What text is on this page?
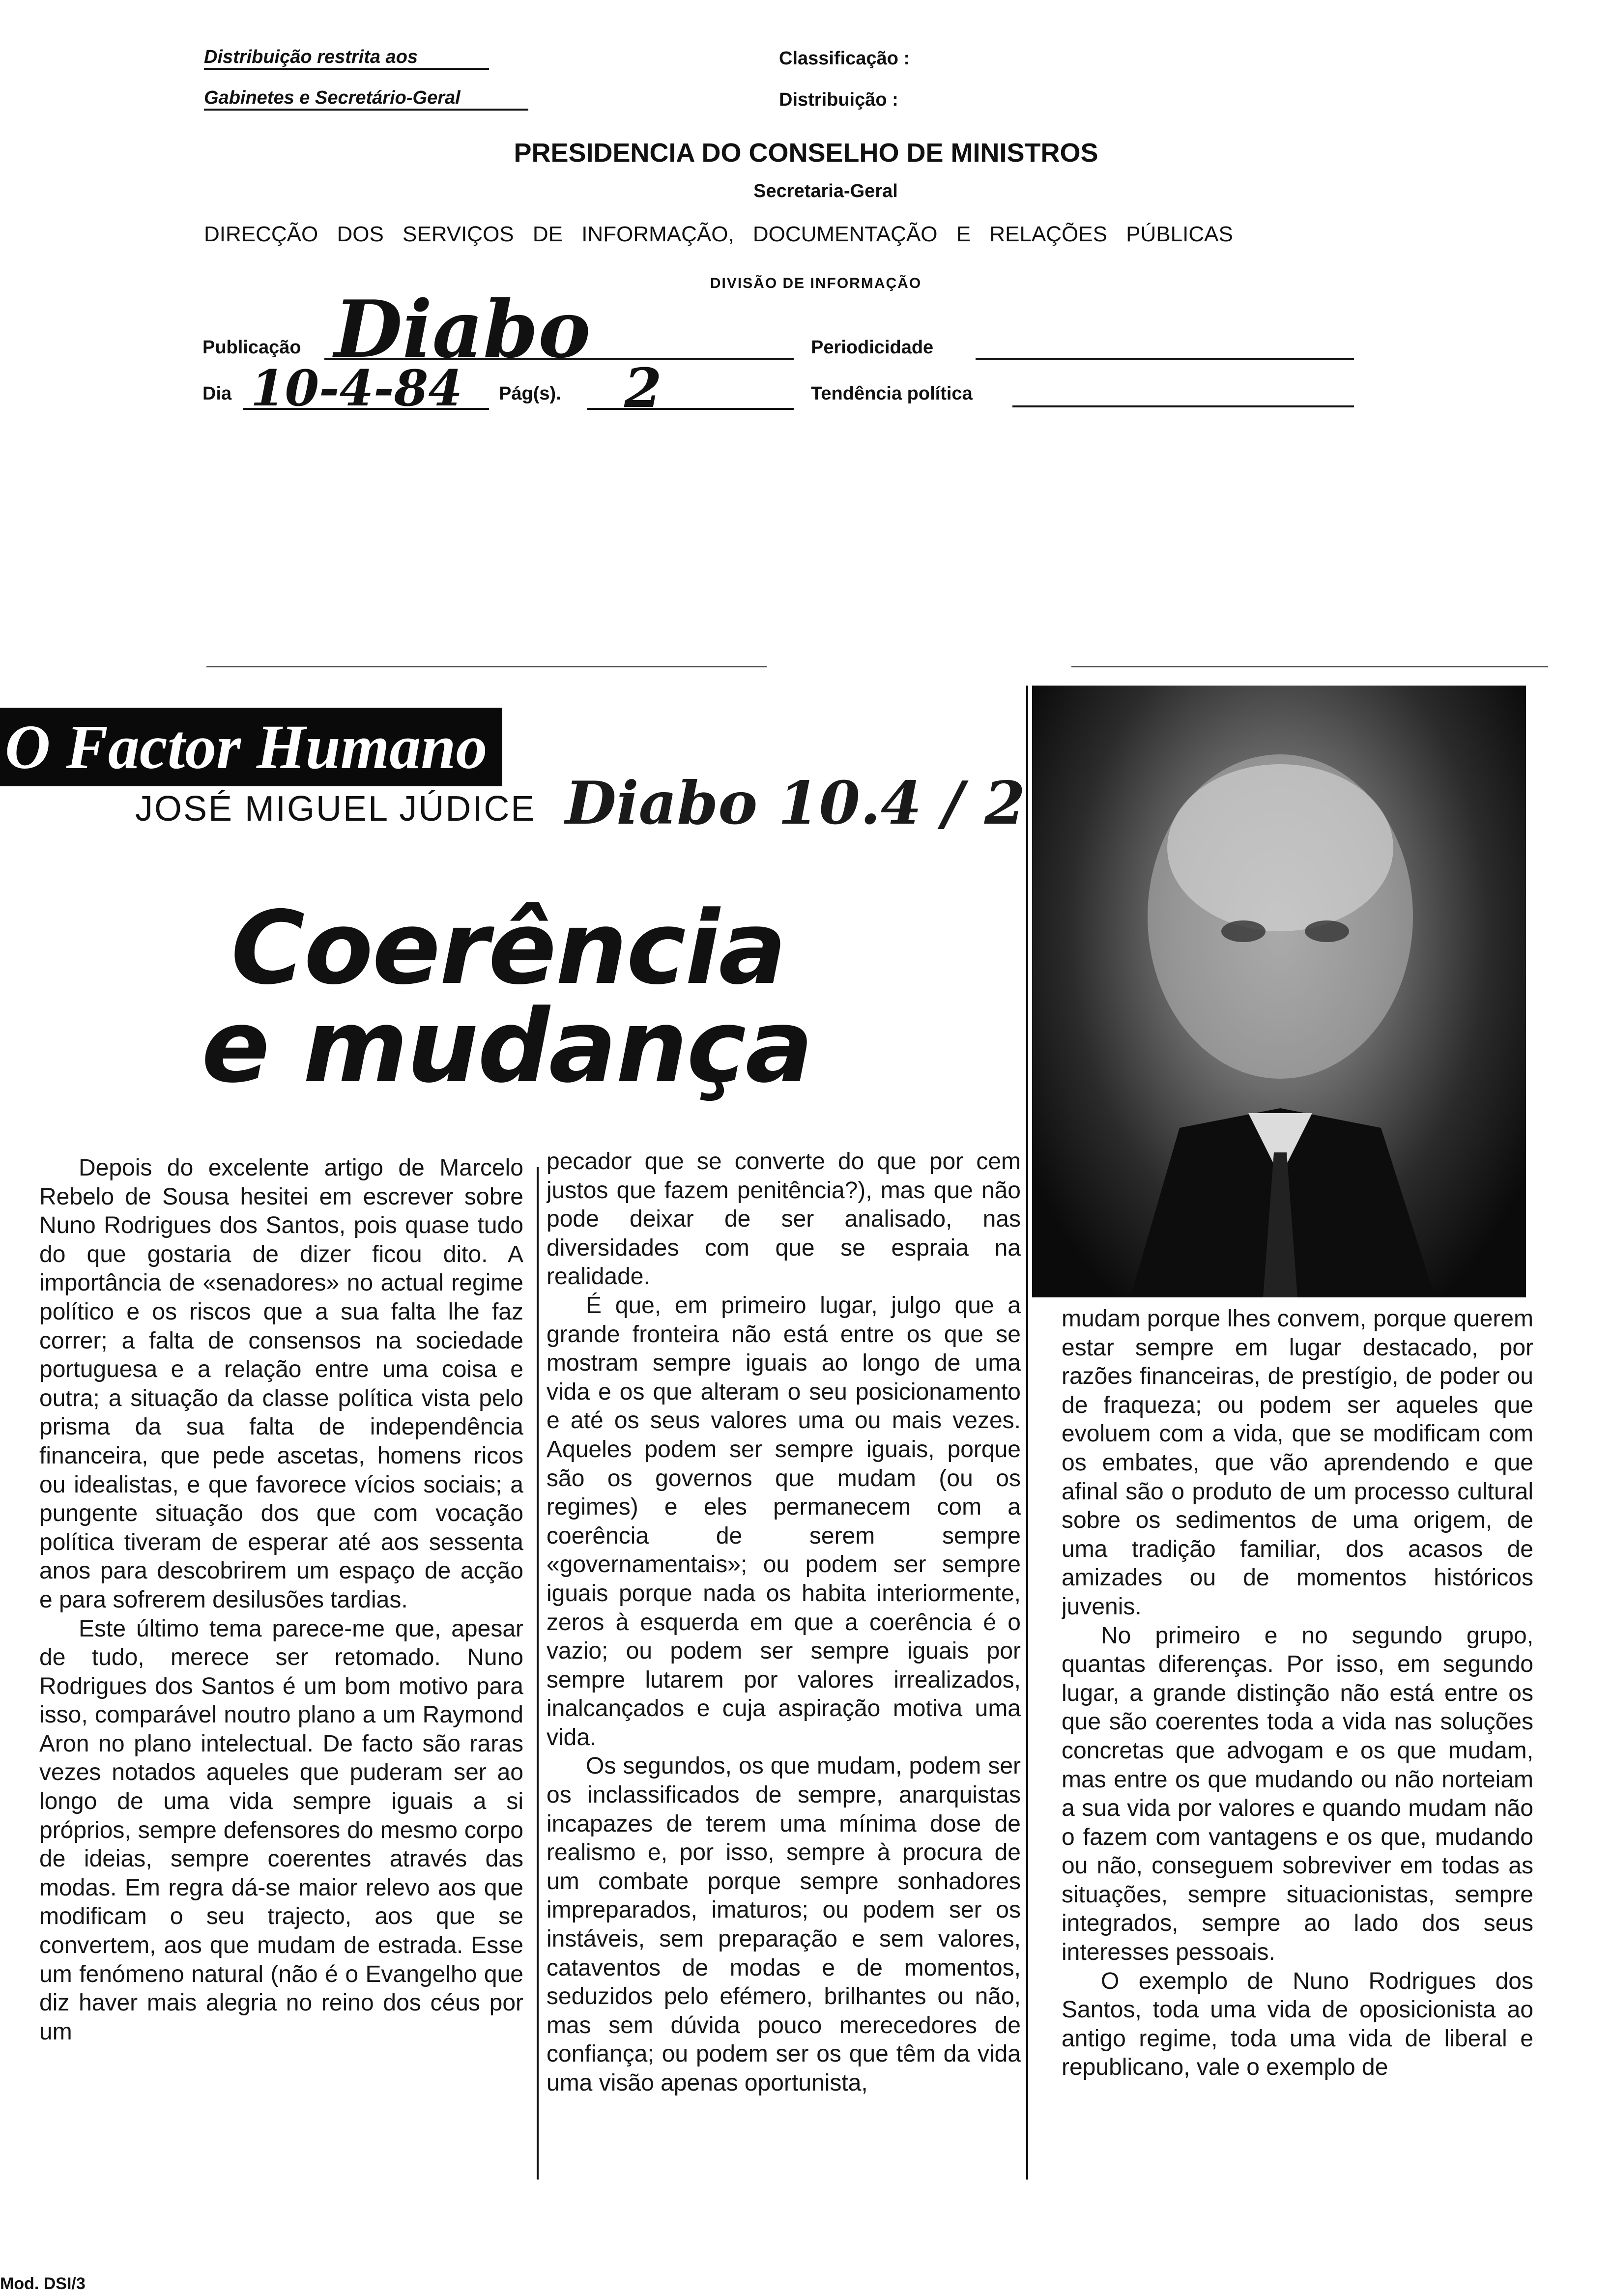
Distribuição restrita aos
Gabinetes e Secretário-Geral
Classificação :
Distribuição :
PRESIDENCIA DO CONSELHO DE MINISTROS
Secretaria-Geral
DIRECÇÃO DOS SERVIÇOS DE INFORMAÇÃO, DOCUMENTAÇÃO E RELAÇÕES PÚBLICAS
DIVISÃO DE INFORMAÇÃO
Publicação Diabo	Periodicidade
Dia 10-4-84 Pág(s). 2	Tendência política
O Factor Humano
JOSÉ MIGUEL JÚDICE Diabo 10.4 / 2
Coerência
e mudança

Depois do excelente artigo de Marcelo Rebelo de Sousa hesitei em escrever sobre Nuno Rodrigues dos Santos, pois quase tudo do que gostaria de dizer ficou dito. A importância de «senadores» no actual regime político e os riscos que a sua falta lhe faz correr; a falta de consensos na sociedade portuguesa e a relação entre uma coisa e outra; a situação da classe política vista pelo prisma da sua falta de independência financeira, que pede ascetas, homens ricos ou idealistas, e que favorece vícios sociais; a pungente situação dos que com vocação política tiveram de esperar até aos sessenta anos para descobrirem um espaço de acção e para sofrerem desilusões tardias.

Este último tema parece-me que, apesar de tudo, merece ser retomado. Nuno Rodrigues dos Santos é um bom motivo para isso, comparável noutro plano a um Raymond Aron no plano intelectual. De facto são raras vezes notados aqueles que puderam ser ao longo de uma vida sempre iguais a si próprios, sempre defensores do mesmo corpo de ideias, sempre coerentes através das modas. Em regra dá-se maior relevo aos que modificam o seu trajecto, aos que se convertem, aos que mudam de estrada. Esse um fenómeno natural (não é o Evangelho que diz haver mais alegria no reino dos céus por um

pecador que se converte do que por cem justos que fazem penitência?), mas que não pode deixar de ser analisado, nas diversidades com que se espraia na realidade.

É que, em primeiro lugar, julgo que a grande fronteira não está entre os que se mostram sempre iguais ao longo de uma vida e os que alteram o seu posicionamento e até os seus valores uma ou mais vezes. Aqueles podem ser sempre iguais, porque são os governos que mudam (ou os regimes) e eles permanecem com a coerência de serem sempre «governamentais»; ou podem ser sempre iguais porque nada os habita interiormente, zeros à esquerda em que a coerência é o vazio; ou podem ser sempre iguais por sempre lutarem por valores irrealizados, inalcançados e cuja aspiração motiva uma vida.

Os segundos, os que mudam, podem ser os inclassificados de sempre, anarquistas incapazes de terem uma mínima dose de realismo e, por isso, sempre à procura de um combate porque sempre sonhadores impreparados, imaturos; ou podem ser os instáveis, sem preparação e sem valores, cataventos de modas e de momentos, seduzidos pelo efémero, brilhantes ou não, mas sem dúvida pouco merecedores de confiança; ou podem ser os que têm da vida uma visão apenas oportunista,

mudam porque lhes convem, porque querem estar sempre em lugar destacado, por razões financeiras, de prestígio, de poder ou de fraqueza; ou podem ser aqueles que evoluem com a vida, que se modificam com os embates, que vão aprendendo e que afinal são o produto de um processo cultural sobre os sedimentos de uma origem, de uma tradição familiar, dos acasos de amizades ou de momentos históricos juvenis.

No primeiro e no segundo grupo, quantas diferenças. Por isso, em segundo lugar, a grande distinção não está entre os que são coerentes toda a vida nas soluções concretas que advogam e os que mudam, mas entre os que mudando ou não norteiam a sua vida por valores e quando mudam não o fazem com vantagens e os que, mudando ou não, conseguem sobreviver em todas as situações, sempre situacionistas, sempre integrados, sempre ao lado dos seus interesses pessoais.

O exemplo de Nuno Rodrigues dos Santos, toda uma vida de oposicionista ao antigo regime, toda uma vida de liberal e republicano, vale o exemplo de

Mod. DSI/3
